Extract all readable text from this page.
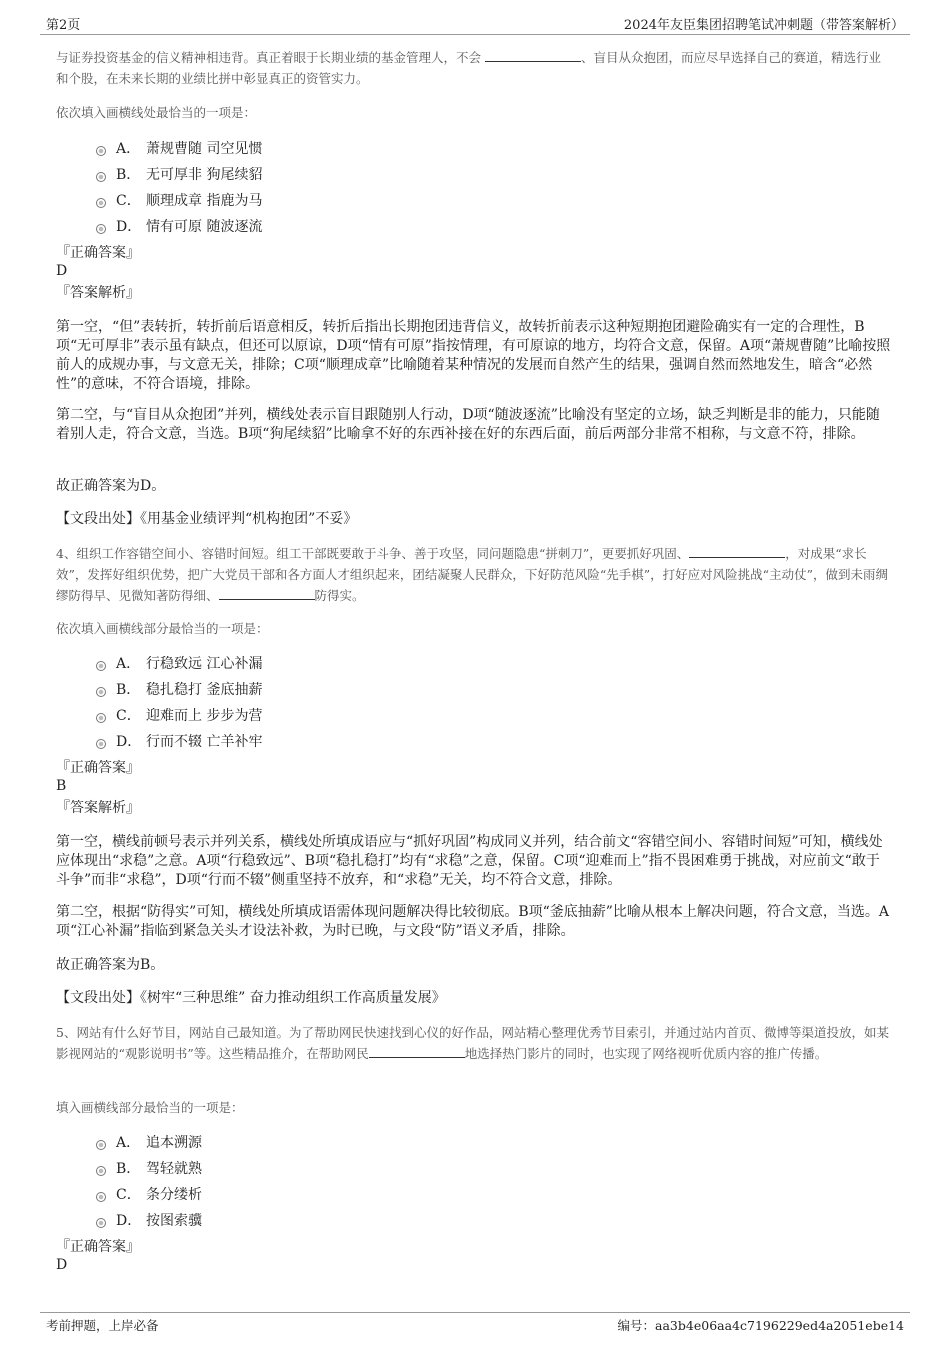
第2页	2024年友臣集团招聘笔试冲刺题（带答案解析）

与证券投资基金的信义精神相违背。真正着眼于长期业绩的基金管理人，不会	、盲目从众抱团，而应尽早选择自己的赛道，精选行业和个股，在未来长期的业绩比拼中彰显真正的资管实力。

依次填入画横线处最恰当的一项是：

A． 萧规曹随 司空见惯
B． 无可厚非 狗尾续貂
C． 顺理成章 指鹿为马
D． 情有可原 随波逐流
『正确答案』
D
『答案解析』

第一空，“但”表转折，转折前后语意相反，转折后指出长期抱团违背信义，故转折前表示这种短期抱团避险确实有一定的合理性，B项“无可厚非”表示虽有缺点，但还可以原谅，D项“情有可原”指按情理，有可原谅的地方，均符合文意，保留。A项“萧规曹随”比喻按照前人的成规办事，与文意无关，排除；C项“顺理成章”比喻随着某种情况的发展而自然产生的结果，强调自然而然地发生，暗含“必然性”的意味，不符合语境，排除。

第二空，与“盲目从众抱团”并列，横线处表示盲目跟随别人行动，D项“随波逐流”比喻没有坚定的立场，缺乏判断是非的能力，只能随着别人走，符合文意，当选。B项“狗尾续貂”比喻拿不好的东西补接在好的东西后面，前后两部分非常不相称，与文意不符，排除。

故正确答案为D。

【文段出处】《用基金业绩评判“机构抱团”不妥》

4、组织工作容错空间小、容错时间短。组工干部既要敢于斗争、善于攻坚，同问题隐患“拼刺刀”，更要抓好巩固、	，对成果“求长效”，发挥好组织优势，把广大党员干部和各方面人才组织起来，团结凝聚人民群众，下好防范风险“先手棋”，打好应对风险挑战“主动仗”，做到未雨绸缪防得早、见微知著防得细、	防得实。

依次填入画横线部分最恰当的一项是：

A． 行稳致远 江心补漏
B． 稳扎稳打 釜底抽薪
C． 迎难而上 步步为营
D． 行而不辍 亡羊补牢
『正确答案』
B
『答案解析』

第一空，横线前顿号表示并列关系，横线处所填成语应与“抓好巩固”构成同义并列，结合前文“容错空间小、容错时间短”可知，横线处应体现出“求稳”之意。A项“行稳致远”、B项“稳扎稳打”均有“求稳”之意，保留。C项“迎难而上”指不畏困难勇于挑战，对应前文“敢于斗争”而非“求稳”，D项“行而不辍”侧重坚持不放弃，和“求稳”无关，均不符合文意，排除。

第二空，根据“防得实”可知，横线处所填成语需体现问题解决得比较彻底。B项“釜底抽薪”比喻从根本上解决问题，符合文意，当选。A项“江心补漏”指临到紧急关头才设法补救，为时已晚，与文段“防”语义矛盾，排除。

故正确答案为B。

【文段出处】《树牢“三种思维” 奋力推动组织工作高质量发展》

5、网站有什么好节目，网站自己最知道。为了帮助网民快速找到心仪的好作品，网站精心整理优秀节目索引，并通过站内首页、微博等渠道投放，如某影视网站的“观影说明书”等。这些精品推介，在帮助网民	地选择热门影片的同时，也实现了网络视听优质内容的推广传播。

填入画横线部分最恰当的一项是：

A． 追本溯源
B． 驾轻就熟
C． 条分缕析
D． 按图索骥
『正确答案』
D
考前押题，上岸必备	编号：aa3b4e06aa4c7196229ed4a2051ebe14
